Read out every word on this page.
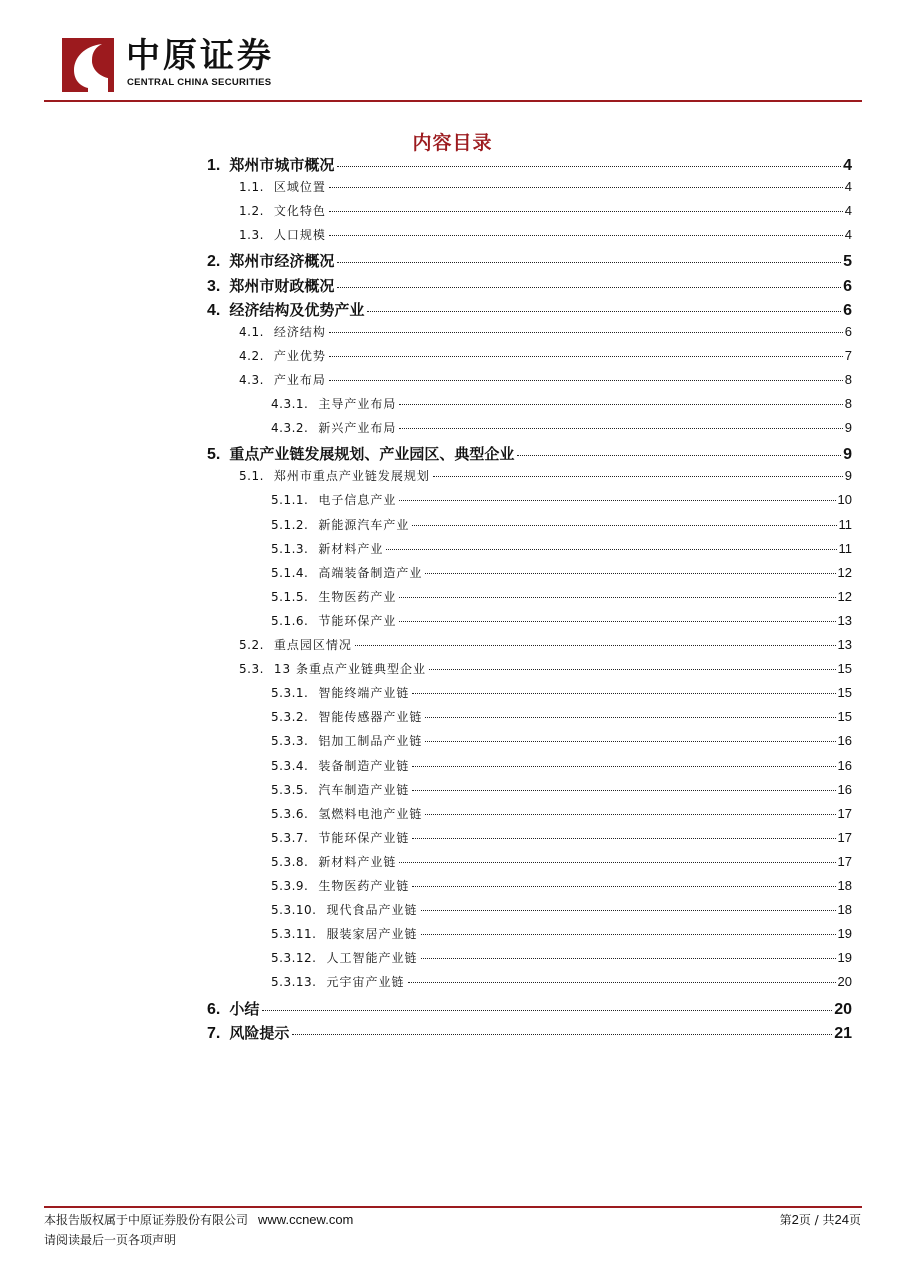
中原证券
CENTRAL CHINA SECURITIES
内容目录
1. 郑州市城市概况	4
1.1. 区域位置	4
1.2. 文化特色	4
1.3. 人口规模	4
2. 郑州市经济概况	5
3. 郑州市财政概况	6
4. 经济结构及优势产业	6
4.1. 经济结构	6
4.2. 产业优势	7
4.3. 产业布局	8
4.3.1. 主导产业布局	8
4.3.2. 新兴产业布局	9
5. 重点产业链发展规划、产业园区、典型企业	9
5.1. 郑州市重点产业链发展规划	9
5.1.1. 电子信息产业	10
5.1.2. 新能源汽车产业	11
5.1.3. 新材料产业	11
5.1.4. 高端装备制造产业	12
5.1.5. 生物医药产业	12
5.1.6. 节能环保产业	13
5.2. 重点园区情况	13
5.3. 13 条重点产业链典型企业	15
5.3.1. 智能终端产业链	15
5.3.2. 智能传感器产业链	15
5.3.3. 铝加工制品产业链	16
5.3.4. 装备制造产业链	16
5.3.5. 汽车制造产业链	16
5.3.6. 氢燃料电池产业链	17
5.3.7. 节能环保产业链	17
5.3.8. 新材料产业链	17
5.3.9. 生物医药产业链	18
5.3.10. 现代食品产业链	18
5.3.11. 服装家居产业链	19
5.3.12. 人工智能产业链	19
5.3.13. 元宇宙产业链	20
6. 小结	20
7. 风险提示	21
本报告版权属于中原证券股份有限公司 www.ccnew.com
请阅读最后一页各项声明
第2页 / 共24页
